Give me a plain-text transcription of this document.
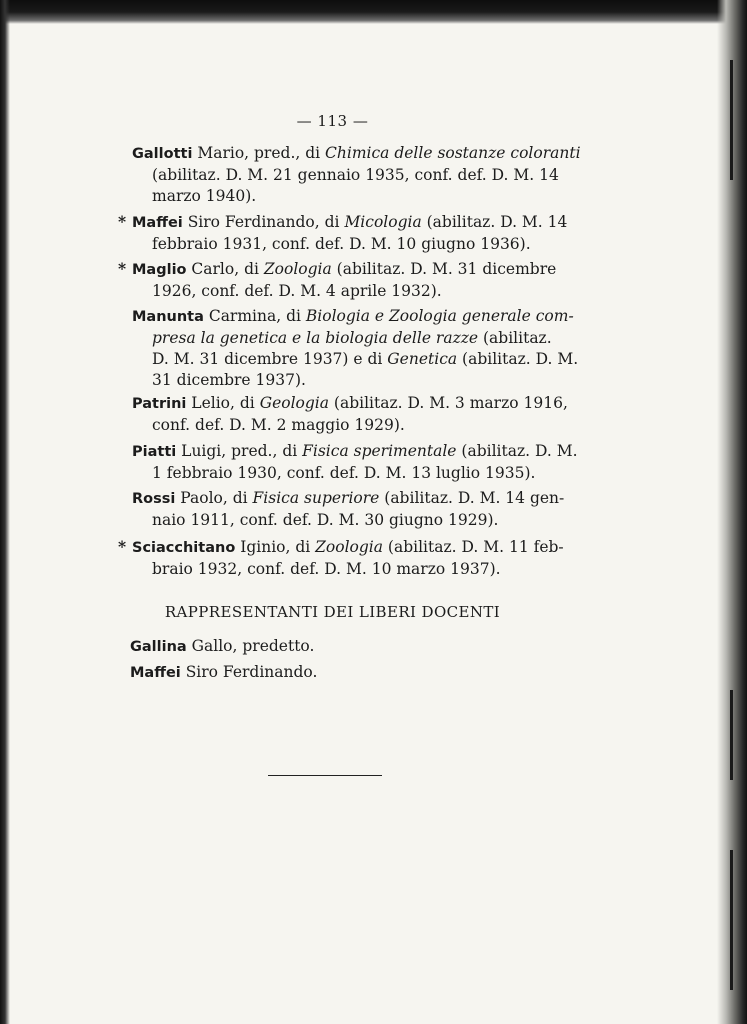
— 113 —
Gallotti Mario, pred., di Chimica delle sostanze coloranti
(abilitaz. D. M. 21 gennaio 1935, conf. def. D. M. 14
marzo 1940).
* Maffei Siro Ferdinando, di Micologia (abilitaz. D. M. 14
febbraio 1931, conf. def. D. M. 10 giugno 1936).
* Maglio Carlo, di Zoologia (abilitaz. D. M. 31 dicembre
1926, conf. def. D. M. 4 aprile 1932).
Manunta Carmina, di Biologia e Zoologia generale com-
presa la genetica e la biologia delle razze (abilitaz.
D. M. 31 dicembre 1937) e di Genetica (abilitaz. D. M.
31 dicembre 1937).
Patrini Lelio, di Geologia (abilitaz. D. M. 3 marzo 1916,
conf. def. D. M. 2 maggio 1929).
Piatti Luigi, pred., di Fisica sperimentale (abilitaz. D. M.
1 febbraio 1930, conf. def. D. M. 13 luglio 1935).
Rossi Paolo, di Fisica superiore (abilitaz. D. M. 14 gen-
naio 1911, conf. def. D. M. 30 giugno 1929).
* Sciacchitano Iginio, di Zoologia (abilitaz. D. M. 11 feb-
braio 1932, conf. def. D. M. 10 marzo 1937).
RAPPRESENTANTI DEI LIBERI DOCENTI
Gallina Gallo, predetto.
Maffei Siro Ferdinando.
